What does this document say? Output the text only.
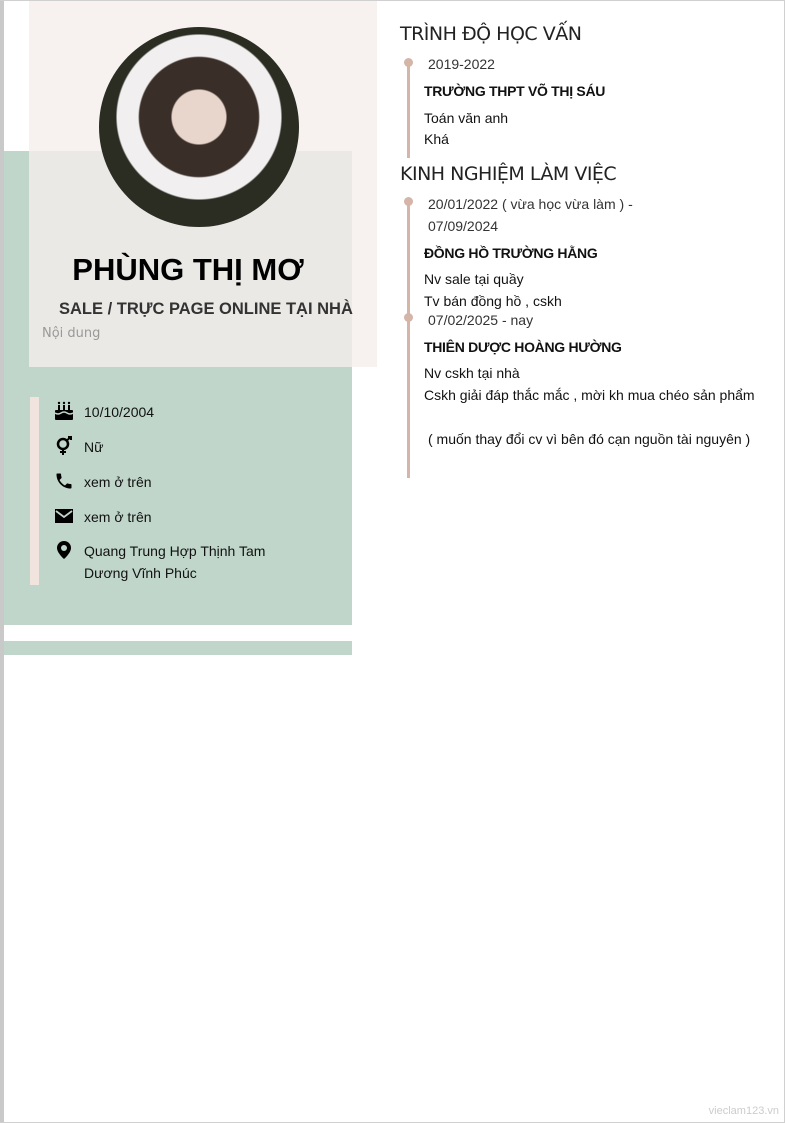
PHÙNG THỊ MƠ
SALE / TRỰC PAGE ONLINE TẠI NHÀ
Nội dung
10/10/2004
Nữ
xem ở trên
xem ở trên
Quang Trung Hợp Thịnh Tam
Dương Vĩnh Phúc
TRÌNH ĐỘ HỌC VẤN
2019-2022
TRƯỜNG THPT VÕ THỊ SÁU
Toán văn anh
Khá
KINH NGHIỆM LÀM VIỆC
20/01/2022 ( vừa học vừa làm ) -
07/09/2024
ĐỒNG HỒ TRƯỜNG HẰNG
Nv sale tại quầy
Tv bán đồng hồ , cskh
07/02/2025 - nay
THIÊN DƯỢC HOÀNG HƯỜNG
Nv cskh tại nhà
Cskh giải đáp thắc mắc , mời kh mua chéo sản phẩm
( muốn thay đổi cv vì bên đó cạn nguồn tài nguyên )
vieclam123.vn
